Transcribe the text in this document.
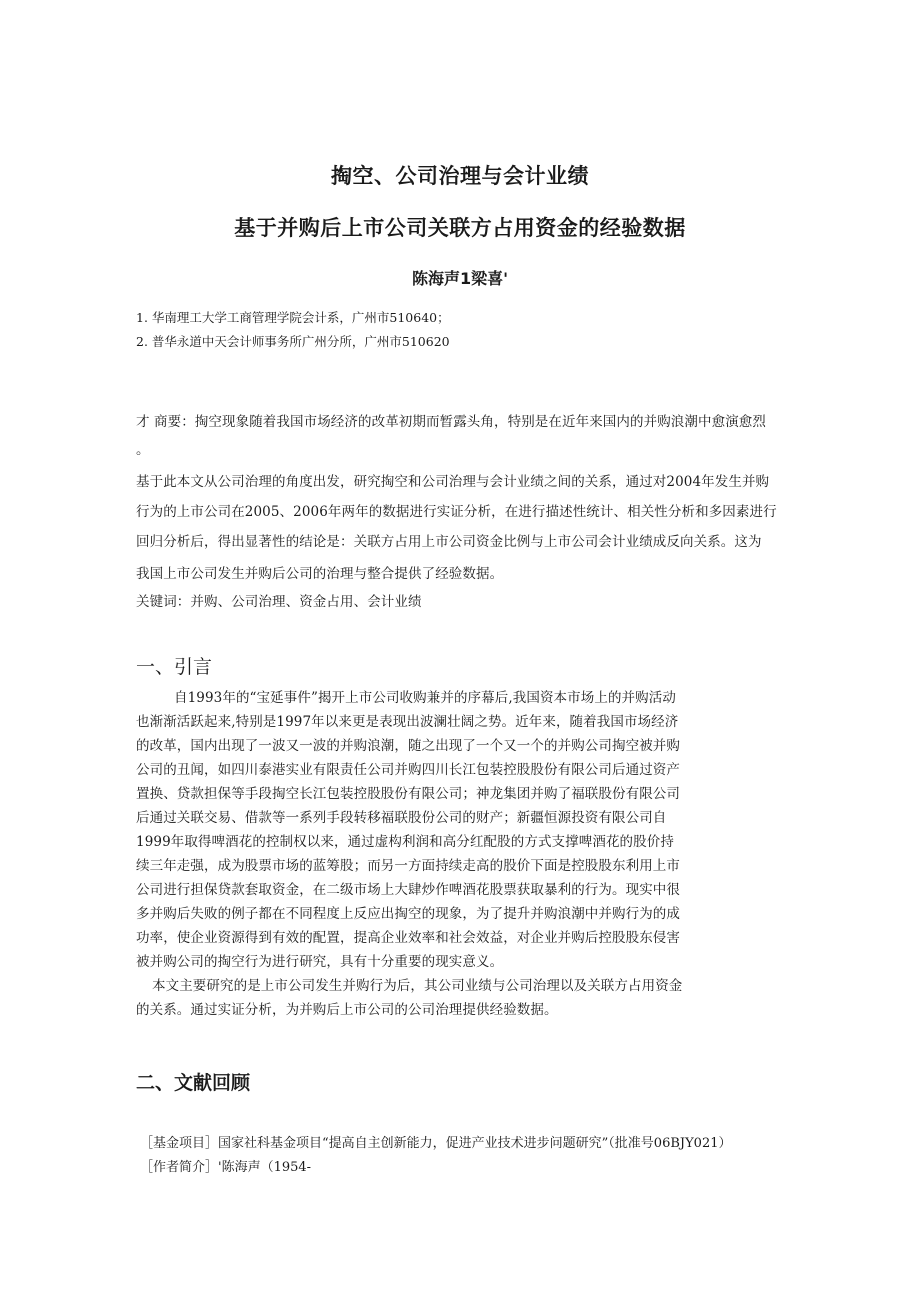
掏空、公司治理与会计业绩
基于并购后上市公司关联方占用资金的经验数据
陈海声1梁喜'
1. 华南理工大学工商管理学院会计系，广州市510640；
2. 普华永道中天会计师事务所广州分所，广州市510620
才 商要：掏空现象随着我国市场经济的改革初期而暂露头角，特别是在近年来国内的并购浪潮中愈演愈烈
。
基于此本文从公司治理的角度出发，研究掏空和公司治理与会计业绩之间的关系，通过对2004年发生并购
行为的上市公司在2005、2006年两年的数据进行实证分析，在进行描述性统计、相关性分析和多因素进行
回归分析后，得出显著性的结论是：关联方占用上市公司资金比例与上市公司会计业绩成反向关系。这为
我国上市公司发生并购后公司的治理与整合提供了经验数据。
关键词：并购、公司治理、资金占用、会计业绩
一、引言
自1993年的“宝延事件”揭开上市公司收购兼并的序幕后,我国资本市场上的并购活动
也渐渐活跃起来,特别是1997年以来更是表现出波澜壮阔之势。近年来，随着我国市场经济
的改革，国内出现了一波又一波的并购浪潮，随之出现了一个又一个的并购公司掏空被并购
公司的丑闻，如四川泰港实业有限责任公司并购四川长江包装控股股份有限公司后通过资产
置换、贷款担保等手段掏空长江包装控股股份有限公司；神龙集团并购了福联股份有限公司
后通过关联交易、借款等一系列手段转移福联股份公司的财产；新疆恒源投资有限公司自
1999年取得啤酒花的控制权以来，通过虚构利润和高分红配股的方式支撑啤酒花的股价持
续三年走强，成为股票市场的蓝筹股；而另一方面持续走高的股价下面是控股股东利用上市
公司进行担保贷款套取资金，在二级市场上大肆炒作啤酒花股票获取暴利的行为。现实中很
多并购后失败的例子都在不同程度上反应出掏空的现象，为了提升并购浪潮中并购行为的成
功率，使企业资源得到有效的配置，提高企业效率和社会效益，对企业并购后控股股东侵害
被并购公司的掏空行为进行研究，具有十分重要的现实意义。
本文主要研究的是上市公司发生并购行为后，其公司业绩与公司治理以及关联方占用资金
的关系。通过实证分析，为并购后上市公司的公司治理提供经验数据。
二、文献回顾
［基金项目］国家社科基金项目“提高自主创新能力，促进产业技术进步问题研究”（批准号06BJY021）
［作者简介］'陈海声（1954-
